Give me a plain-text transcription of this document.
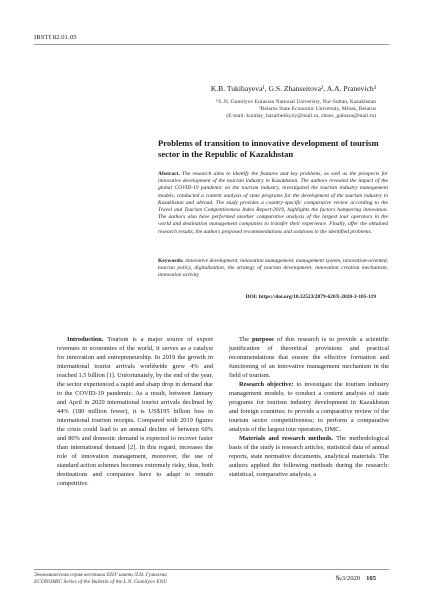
IRSTI 82.01.05
K.B. Tukibayeva¹, G.S. Zhanseitova², A.A. Pranevich³
¹²L.N. Gumilyov Eurasian National University, Nur-Sultan, Kazakhstan
³Belarus State Economic University, Minsk, Belarus
(E-mail: kuralay_bazarbekkyzy@mail.ru, zhans_galnara@mail.ru)
Problems of transition to innovative development of tourism sector in the Republic of Kazakhstan
Abstract. The research aims to identify the features and key problems, as well as the prospects for innovative development of the tourism industry in Kazakhstan. The authors revealed the impact of the global COVID-19 pandemic on the tourism industry, investigated the tourism industry management models, conducted a content analysis of state programs for the development of the tourism industry in Kazakhstan and abroad. The study provides a country-specific comparative review according to the Travel and Tourism Competitiveness Index Report-2019, highlights the factors hampering innovation. The authors also have performed another comparative analysis of the largest tour operators in the world and destination management companies to transfer their experience. Finally, offer the obtained research results, the authors proposed recommendations and solutions to the identified problems.
Keywords: innovative development, innovation management, management system, innovation-oriented, tourism policy, digitalization, the strategy of tourism development, innovation creation mechanism, innovation activity
DOI: https://doi.org/10.32523/2079-620X-2020-3-105-119

Introduction. Tourism is a major source of export revenues in economies of the world, it serves as a catalyst for innovation and entrepreneurship. In 2019 the growth in international tourist arrivals worldwide grew 4% and reached 1.5 billion [1]. Unfortunately, by the end of the year, the sector experienced a rapid and sharp drop in demand due to the COVID-19 pandemic. As a result, between January and April in 2020 international tourist arrivals declined by 44% (180 million fewer), it is US$195 billion loss in international tourism receipts. Compared with 2019 figures the crisis could lead to an annual decline of between 60% and 80% and domestic demand is expected to recover faster than international demand [2]. In this regard, increases the role of innovation management, moreover, the use of standard action schemes becomes extremely risky, thus, both destinations and companies have to adapt to remain competitive.

The purpose of this research is to provide a scientific justification of theoretical provisions and practical recommendations that ensure the effective formation and functioning of an innovative management mechanism in the field of tourism.

Research objective: to investigate the tourism industry management models; to conduct a content analysis of state programs for tourism industry development in Kazakhstan and foreign countries; to provide a comparative review of the tourism sector competitiveness; to perform a comparative analysis of the largest tour operators, DMC.

Materials and research methods. The methodological basis of the study is research articles, statistical data of annual reports, state normative documents, analytical materials. The authors applied the following methods during the research: statistical, comparative analysis, a

Экономическая серия вестника ЕНУ имени Л.Н. Гумилева
ECONOMIC Series of the Bulletin of the L.N. Gumilyov ENU	№3/2020 105
